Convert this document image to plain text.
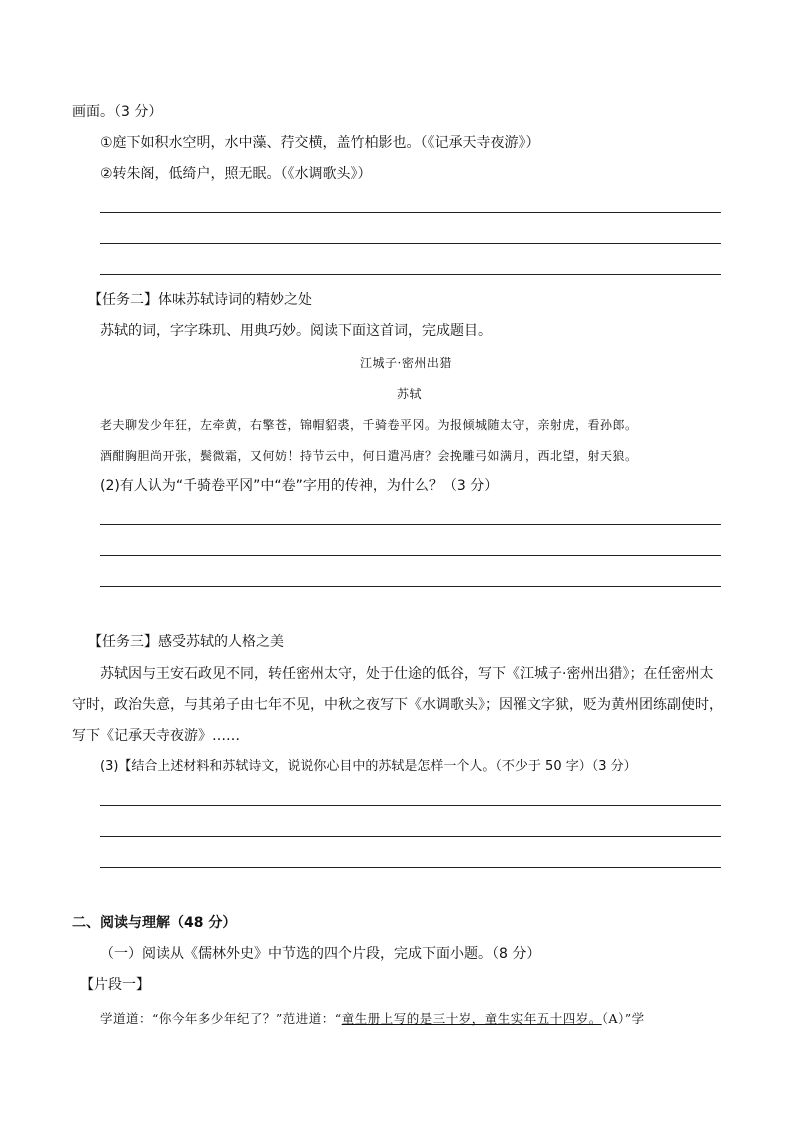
画面。（3 分）
①庭下如积水空明，水中藻、荇交横，盖竹柏影也。（《记承天寺夜游》）
②转朱阁，低绮户，照无眠。（《水调歌头》）
【任务二】体味苏轼诗词的精妙之处
苏轼的词，字字珠玑、用典巧妙。阅读下面这首词，完成题目。
江城子·密州出猎
苏轼
老夫聊发少年狂，左牵黄，右擎苍，锦帽貂裘，千骑卷平冈。为报倾城随太守，亲射虎，看孙郎。
酒酣胸胆尚开张，鬓微霜，又何妨！持节云中，何日遣冯唐？会挽雕弓如满月，西北望，射天狼。
(2)有人认为“千骑卷平冈”中“卷”字用的传神，为什么？（3 分）
【任务三】感受苏轼的人格之美
苏轼因与王安石政见不同，转任密州太守，处于仕途的低谷，写下《江城子·密州出猎》；在任密州太
守时，政治失意，与其弟子由七年不见，中秋之夜写下《水调歌头》；因罹文字狱，贬为黄州团练副使时，
写下《记承天寺夜游》……
(3)【结合上述材料和苏轼诗文，说说你心目中的苏轼是怎样一个人。（不少于 50 字）（3 分）
二、阅读与理解（48 分）
（一）阅读从《儒林外史》中节选的四个片段，完成下面小题。（8 分）
【片段一】
学道道：“你今年多少年纪了？”范进道：“童生册上写的是三十岁，童生实年五十四岁。（A）”学
